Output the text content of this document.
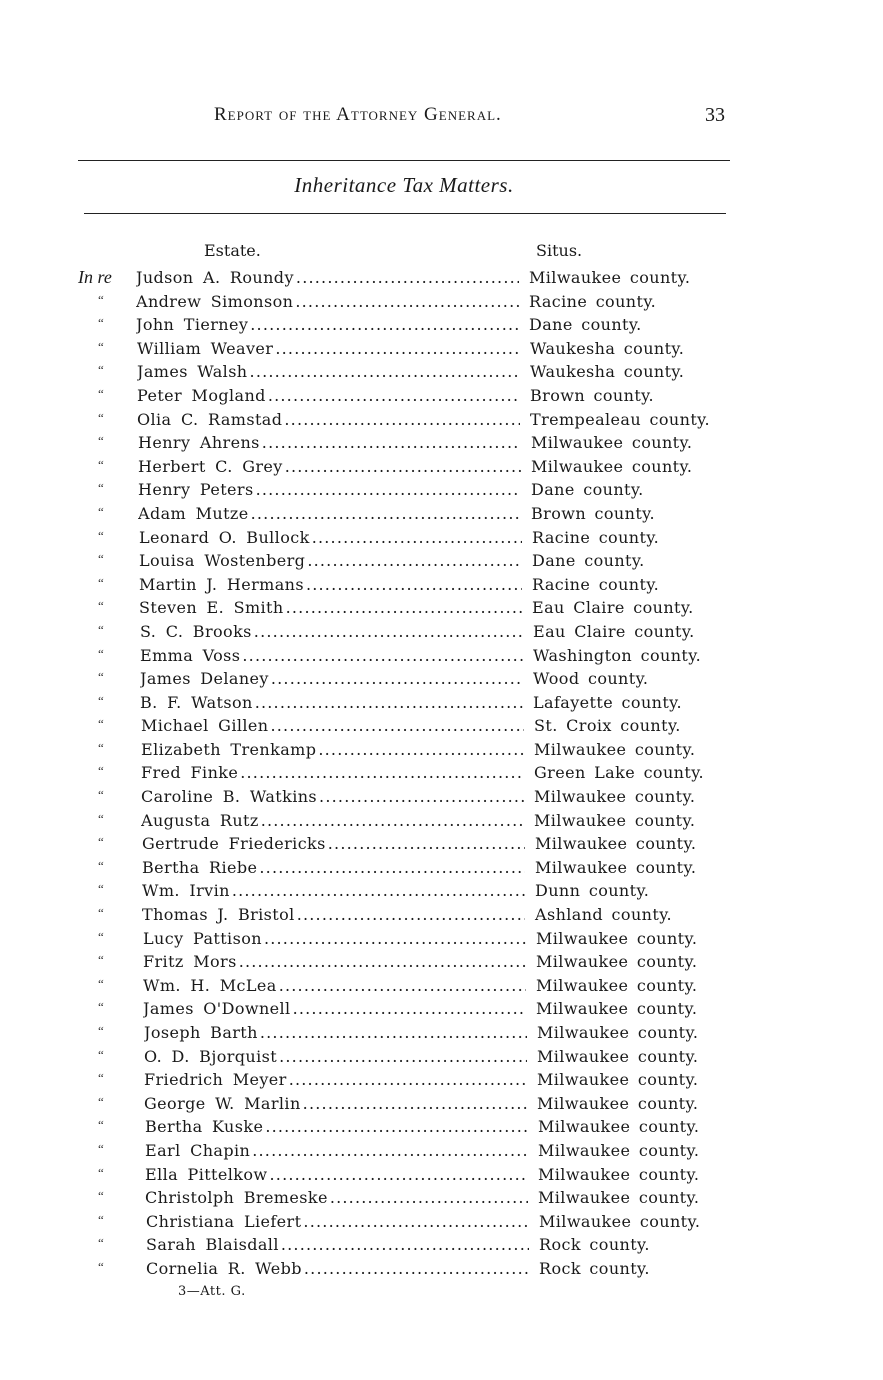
Report of the Attorney General.	33
Inheritance Tax Matters.
Estate.	Situs.
In re Judson A. Roundy .....	Milwaukee county.
“ Andrew Simonson .....	Racine county.
“ John Tierney .....	Dane county.
“ William Weaver .....	Waukesha county.
“ James Walsh .....	Waukesha county.
“ Peter Mogland .....	Brown county.
“ Olia C. Ramstad .....	Trempealeau county.
“ Henry Ahrens .....	Milwaukee county.
“ Herbert C. Grey .....	Milwaukee county.
“ Henry Peters .....	Dane county.
“ Adam Mutze .....	Brown county.
“ Leonard O. Bullock .....	Racine county.
“ Louisa Wostenberg .....	Dane county.
“ Martin J. Hermans .....	Racine county.
“ Steven E. Smith .....	Eau Claire county.
“ S. C. Brooks .....	Eau Claire county.
“ Emma Voss .....	Washington county.
“ James Delaney .....	Wood county.
“ B. F. Watson .....	Lafayette county.
“ Michael Gillen .....	St. Croix county.
“ Elizabeth Trenkamp .....	Milwaukee county.
“ Fred Finke .....	Green Lake county.
“ Caroline B. Watkins .....	Milwaukee county.
“ Augusta Rutz .....	Milwaukee county.
“ Gertrude Friedericks .....	Milwaukee county.
“ Bertha Riebe .....	Milwaukee county.
“ Wm. Irvin .....	Dunn county.
“ Thomas J. Bristol .....	Ashland county.
“ Lucy Pattison .....	Milwaukee county.
“ Fritz Mors .....	Milwaukee county.
“ Wm. H. McLea .....	Milwaukee county.
“ James O'Downell .....	Milwaukee county.
“	Joseph Barth .....	Milwaukee county.
“	O. D. Bjorquist .....	Milwaukee county.
“	Friedrich Meyer .....	Milwaukee county.
“	George W. Marlin .....	Milwaukee county.
“	Bertha Kuske .....	Milwaukee county.
“	Earl Chapin .....	Milwaukee county.
“	Ella Pittelkow .....	Milwaukee county.
“	Christolph Bremeske .....	Milwaukee county.
“	Christiana Liefert .....	Milwaukee county.
“	Sarah Blaisdall .....	Rock county.
“	Cornelia R. Webb .....	Rock county.
3—Att. G.
